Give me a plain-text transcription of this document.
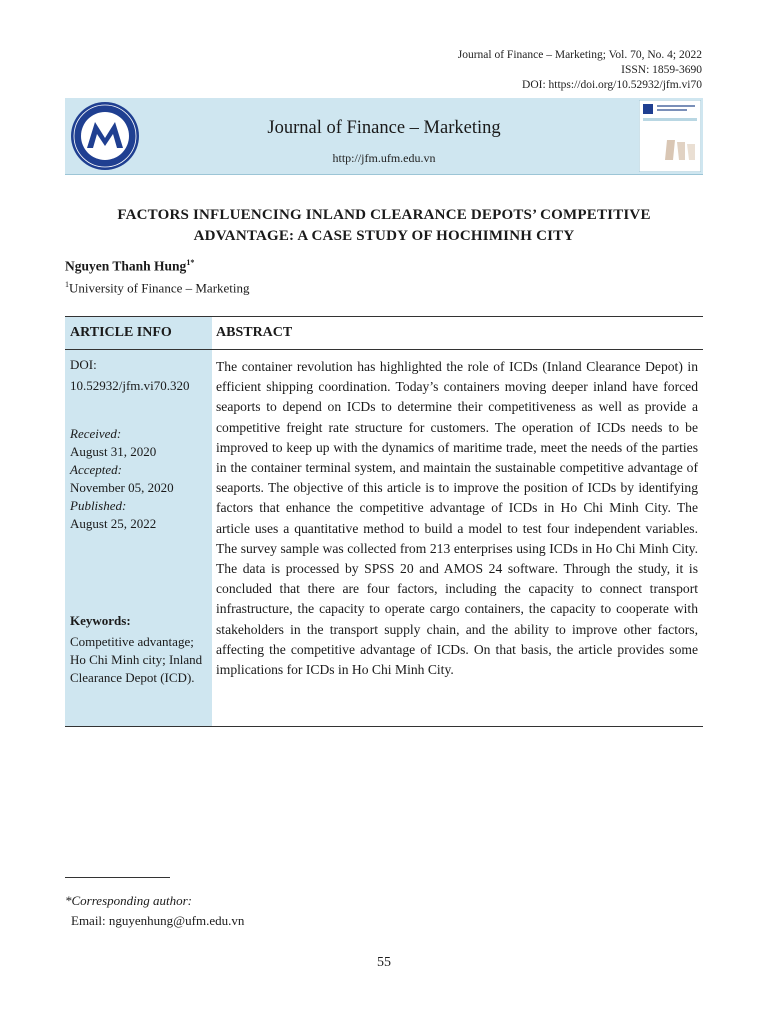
Journal of Finance – Marketing; Vol. 70, No. 4; 2022
ISSN: 1859-3690
DOI: https://doi.org/10.52932/jfm.vi70
Journal of Finance – Marketing
http://jfm.ufm.edu.vn
FACTORS INFLUENCING INLAND CLEARANCE DEPOTS’ COMPETITIVE
ADVANTAGE: A CASE STUDY OF HOCHIMINH CITY
Nguyen Thanh Hung$^{1*}$
$^1$University of Finance – Marketing
ARTICLE INFO	ABSTRACT
DOI:
10.52932/jfm.vi70.320
Received:
August 31, 2020
Accepted:
November 05, 2020
Published:
August 25, 2022
Keywords:
Competitive advantage; Ho Chi Minh city; Inland Clearance Depot (ICD).
The container revolution has highlighted the role of ICDs (Inland Clearance Depot) in efficient shipping coordination. Today’s containers moving deeper inland have forced seaports to depend on ICDs to determine their competitiveness as well as provide a competitive freight rate structure for customers. The operation of ICDs needs to be improved to keep up with the dynamics of maritime trade, meet the needs of the parties in the container terminal system, and maintain the sustainable competitive advantage of seaports. The objective of this article is to improve the position of ICDs by identifying factors that enhance the competitive advantage of ICDs in Ho Chi Minh City. The article uses a quantitative method to build a model to test four independent variables. The survey sample was collected from 213 enterprises using ICDs in Ho Chi Minh City. The data is processed by SPSS 20 and AMOS 24 software. Through the study, it is concluded that there are four factors, including the capacity to connect transport infrastructure, the capacity to operate cargo containers, the capacity to cooperate with stakeholders in the transport supply chain, and the ability to improve other factors, affecting the competitive advantage of ICDs. On that basis, the article provides some implications for ICDs in Ho Chi Minh City.
*Corresponding author:
Email: nguyenhung@ufm.edu.vn
55
